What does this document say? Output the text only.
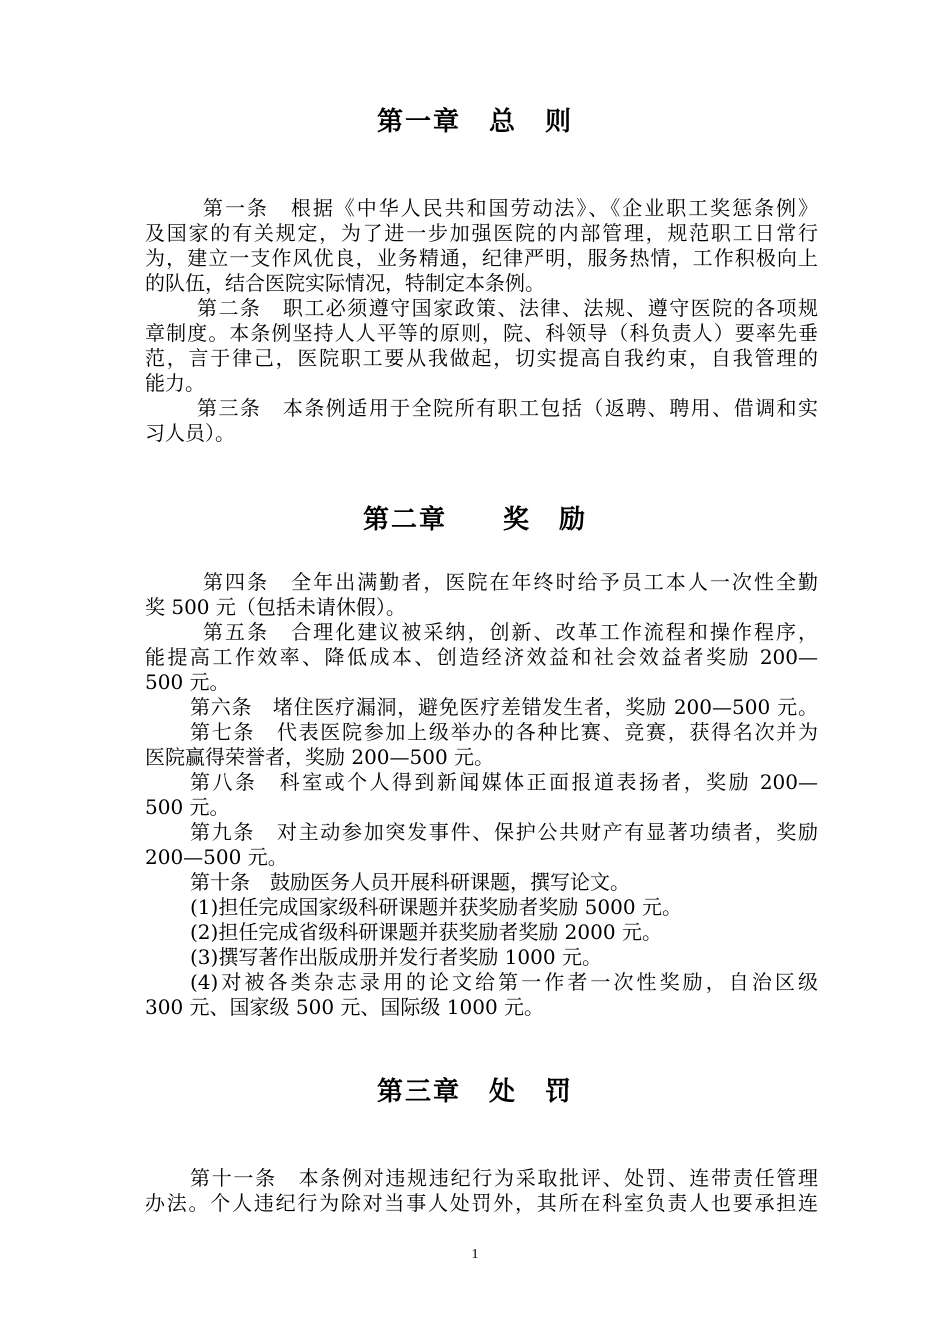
第一章　总　则
第一条　根据《中华人民共和国劳动法》、《企业职工奖惩条例》
及国家的有关规定，为了进一步加强医院的内部管理，规范职工日常行
为，建立一支作风优良，业务精通，纪律严明，服务热情，工作积极向上
的队伍，结合医院实际情况，特制定本条例。
第二条　职工必须遵守国家政策、法律、法规、遵守医院的各项规
章制度。本条例坚持人人平等的原则，院、科领导（科负责人）要率先垂
范，言于律己，医院职工要从我做起，切实提高自我约束，自我管理的
能力。
第三条　本条例适用于全院所有职工包括（返聘、聘用、借调和实
习人员）。
第二章　　奖　励
第四条　全年出满勤者，医院在年终时给予员工本人一次性全勤
奖 500 元（包括未请休假）。
第五条　合理化建议被采纳，创新、改革工作流程和操作程序，
能提高工作效率、降低成本、创造经济效益和社会效益者奖励 200—
500 元。
第六条　堵住医疗漏洞，避免医疗差错发生者，奖励 200—500 元。
第七条　代表医院参加上级举办的各种比赛、竞赛，获得名次并为
医院赢得荣誉者，奖励 200—500 元。
第八条　科室或个人得到新闻媒体正面报道表扬者，奖励 200—
500 元。
第九条　对主动参加突发事件、保护公共财产有显著功绩者，奖励
200—500 元。
第十条　鼓励医务人员开展科研课题，撰写论文。
(1)担任完成国家级科研课题并获奖励者奖励 5000 元。
(2)担任完成省级科研课题并获奖励者奖励 2000 元。
(3)撰写著作出版成册并发行者奖励 1000 元。
(4)对被各类杂志录用的论文给第一作者一次性奖励，自治区级
300 元、国家级 500 元、国际级 1000 元。
第三章　处　罚
第十一条　本条例对违规违纪行为采取批评、处罚、连带责任管理
办法。个人违纪行为除对当事人处罚外，其所在科室负责人也要承担连
1
